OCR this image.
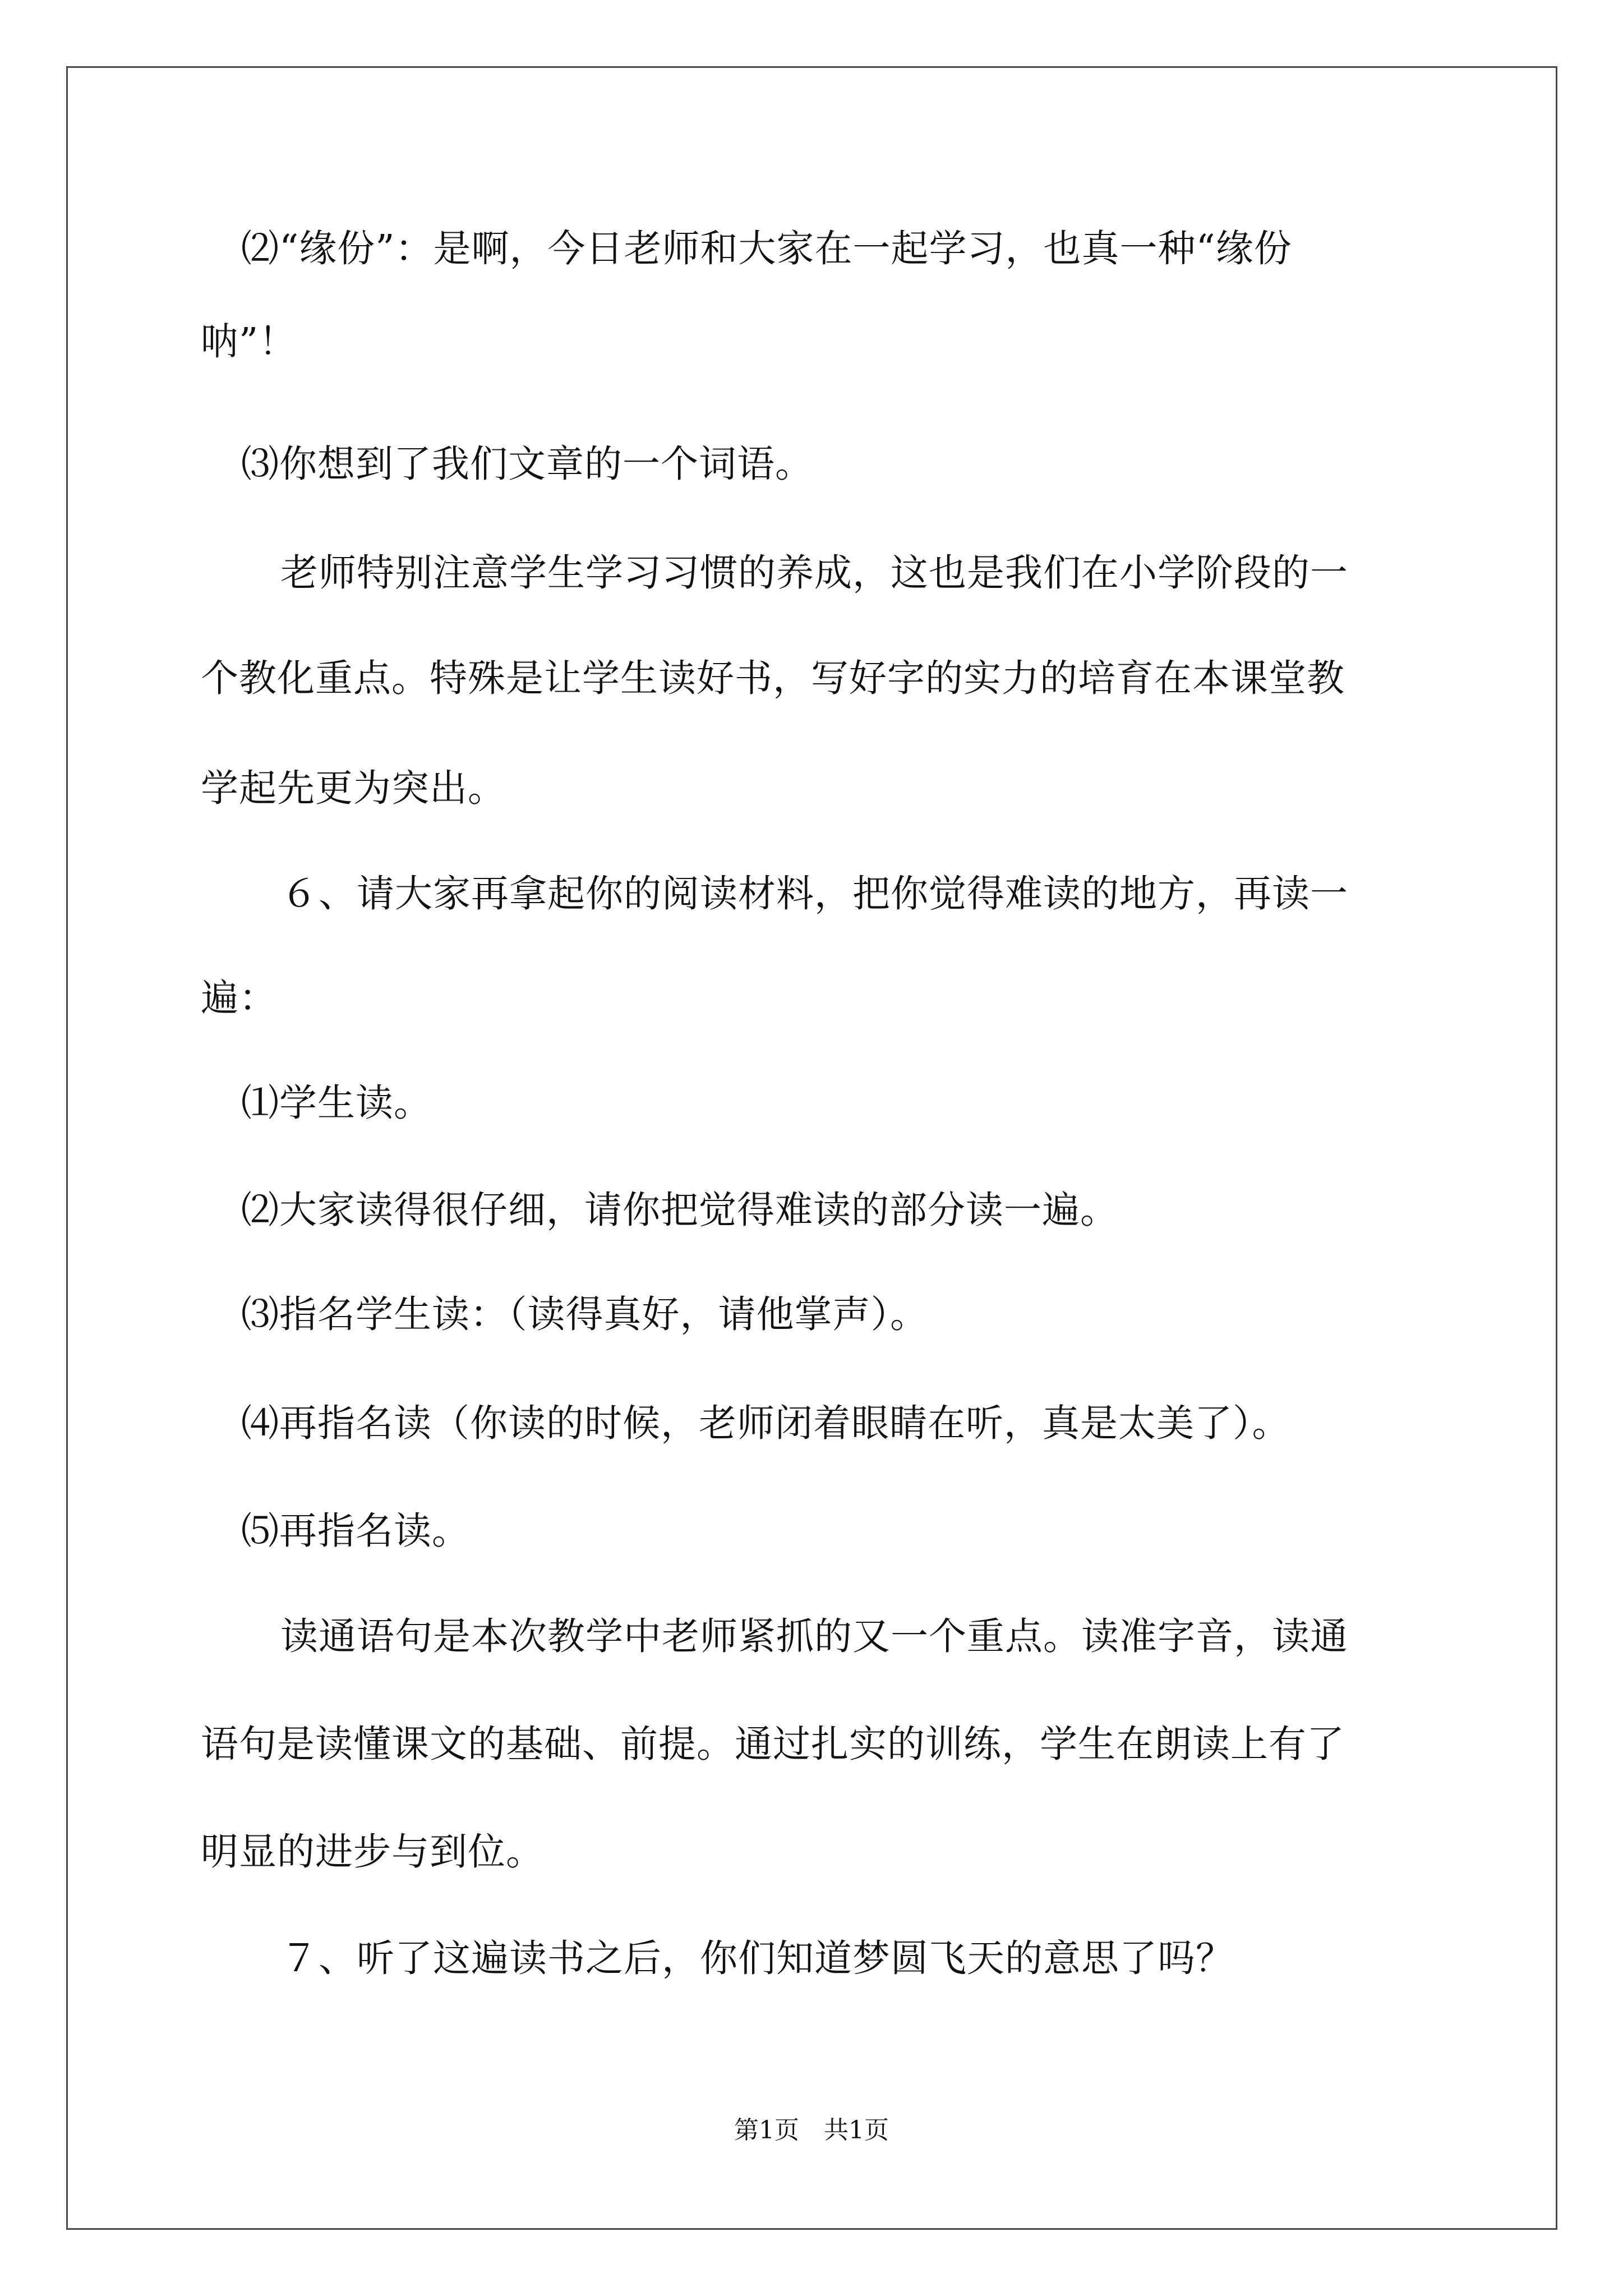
⑵“缘份”：是啊，今日老师和大家在一起学习，也真一种“缘份
呐”！
⑶你想到了我们文章的一个词语。
老师特别注意学生学习习惯的养成，这也是我们在小学阶段的一
个教化重点。特殊是让学生读好书，写好字的实力的培育在本课堂教
学起先更为突出。
６、请大家再拿起你的阅读材料，把你觉得难读的地方，再读一
遍：
⑴学生读。
⑵大家读得很仔细，请你把觉得难读的部分读一遍。
⑶指名学生读：（读得真好，请他掌声）。
⑷再指名读（你读的时候，老师闭着眼睛在听，真是太美了）。
⑸再指名读。
读通语句是本次教学中老师紧抓的又一个重点。读准字音，读通
语句是读懂课文的基础、前提。通过扎实的训练，学生在朗读上有了
明显的进步与到位。
７、听了这遍读书之后，你们知道梦圆飞天的意思了吗？
第1页　共1页
